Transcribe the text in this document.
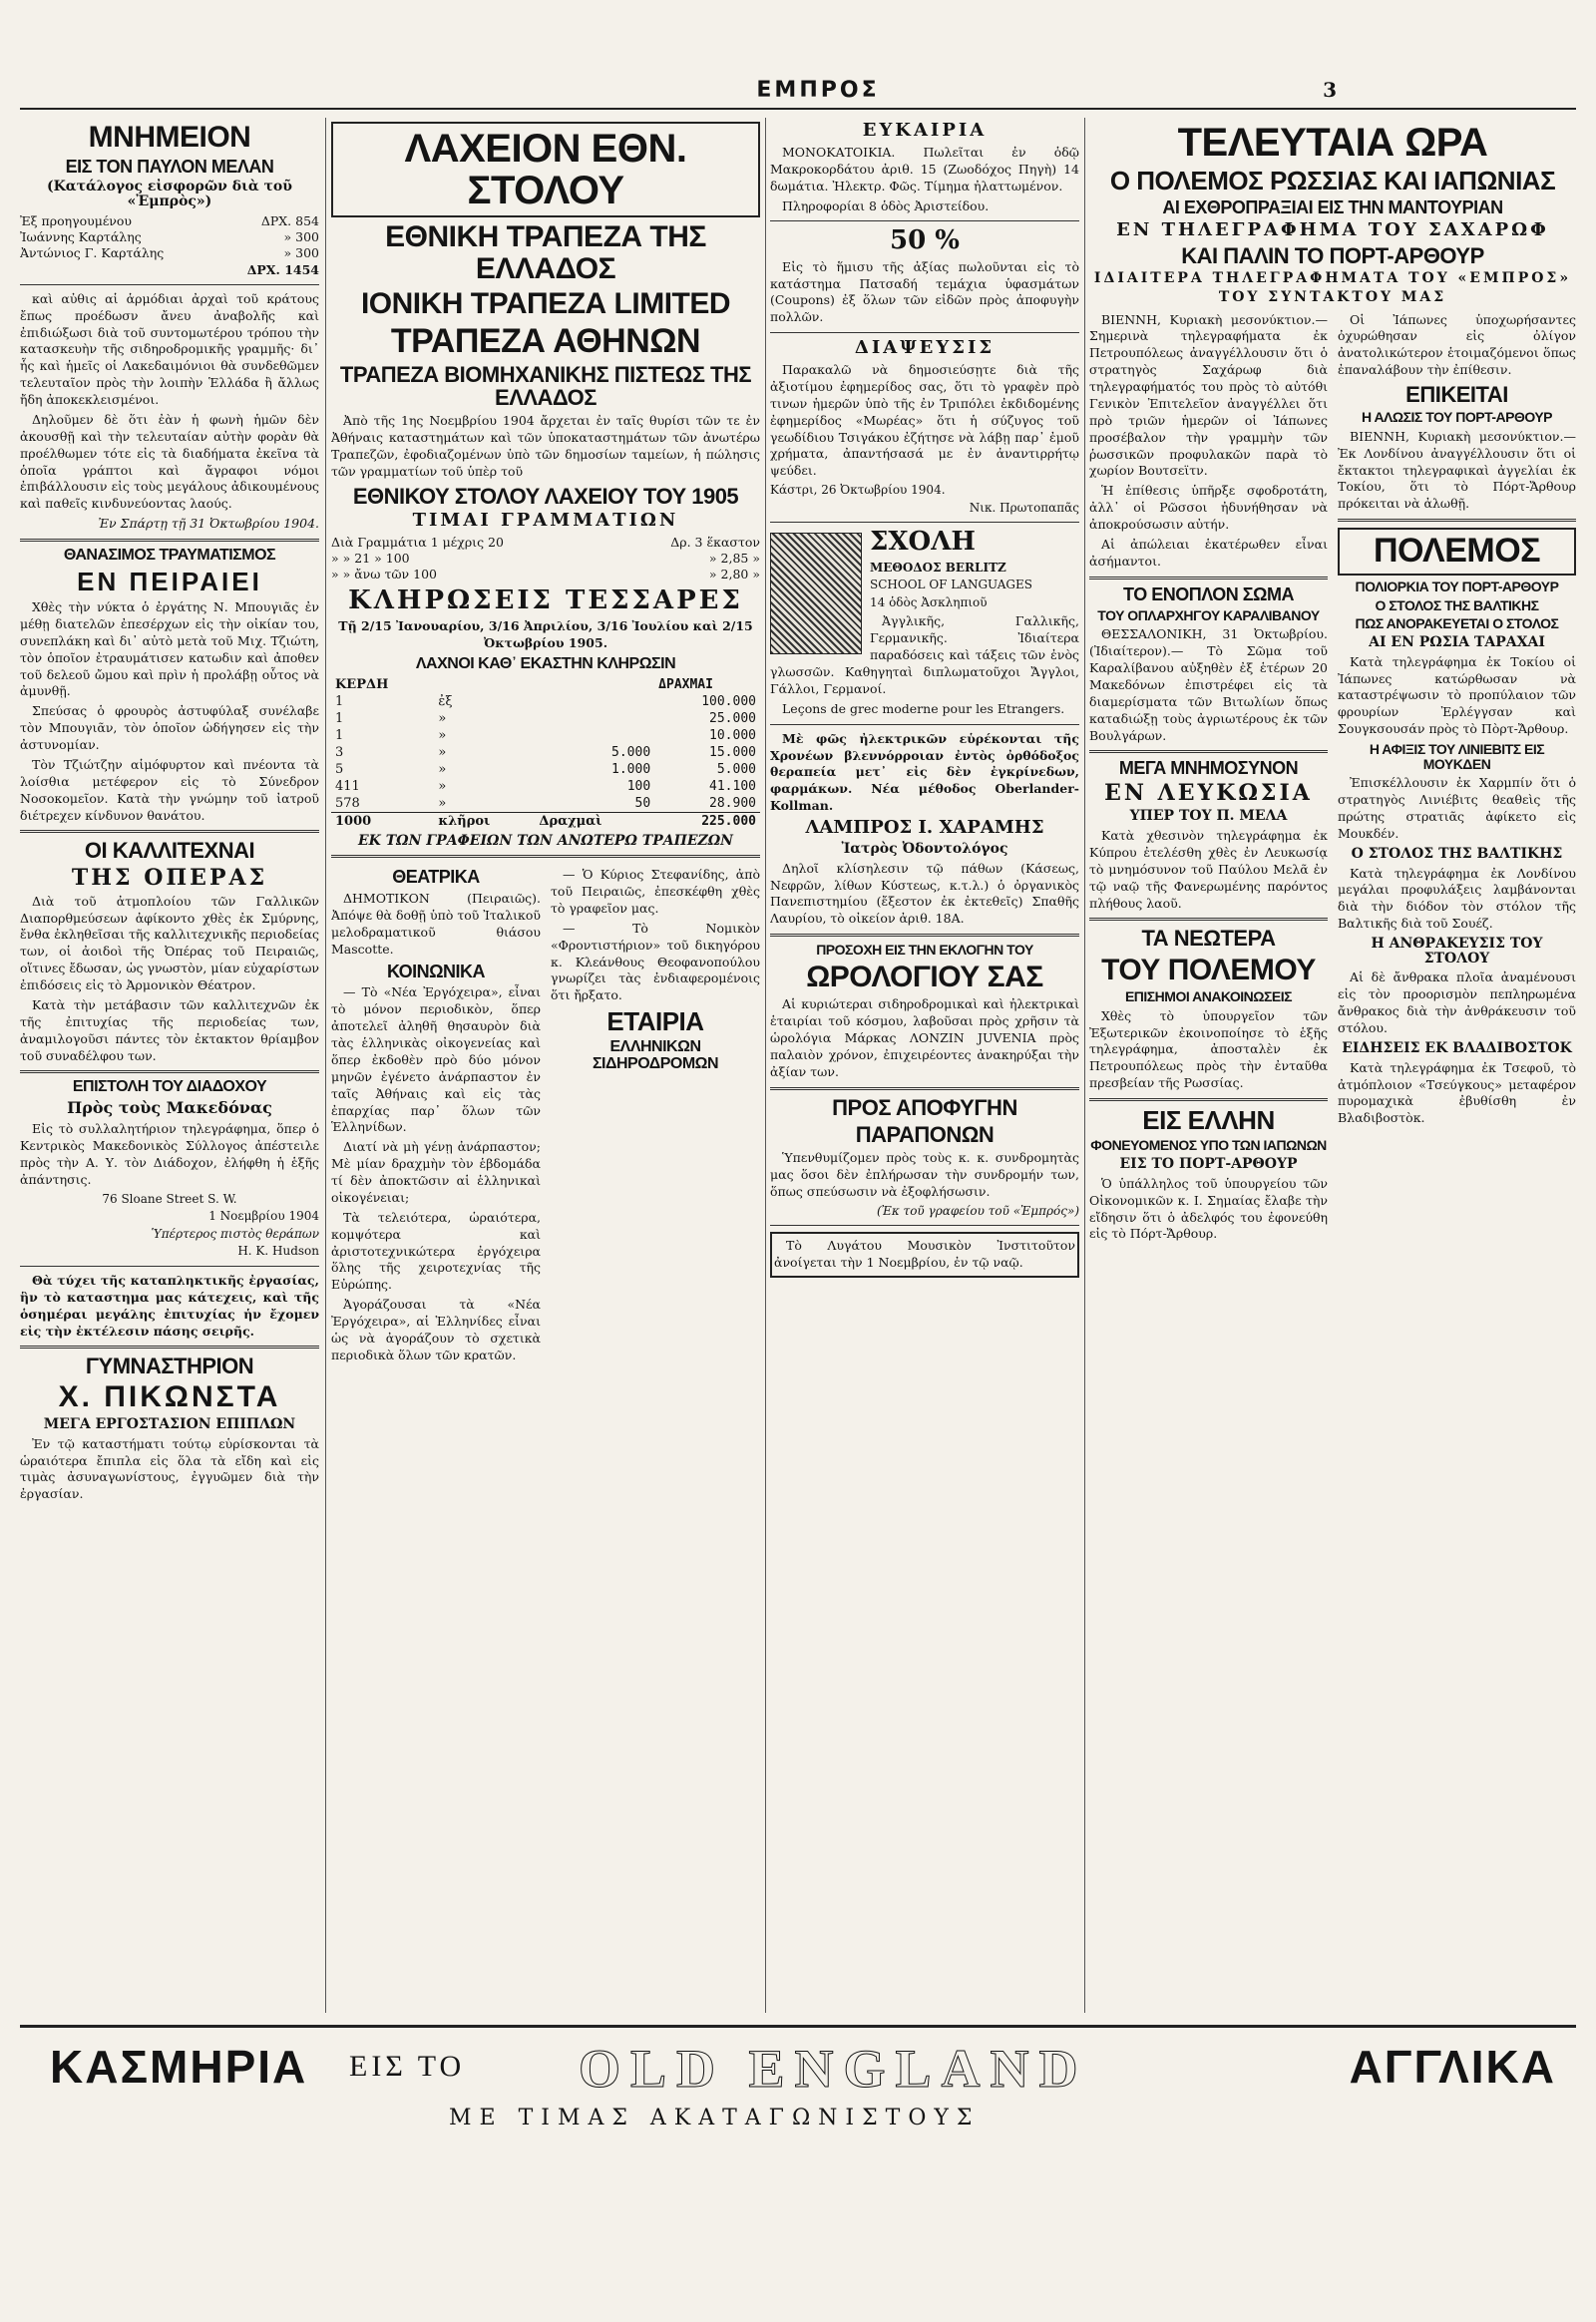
ΕΜΠΡΟΣ	3
ΜΝΗΜΕΙΟΝ
ΕΙΣ ΤΟΝ ΠΑΥΛΟΝ ΜΕΛΑΝ
(Κατάλογος εἰσφορῶν διὰ τοῦ «Ἐμπρὸς»)
Ἐξ προηγουμένου	ΔΡΧ. 854
Ἰωάννης Καρτάλης	» 300
Ἀντώνιος Γ. Καρτάλης	» 300
ΔΡΧ. 1454

καὶ αὐθις αἱ ἁρμόδιαι ἀρχαὶ τοῦ κράτους ἔπως προέδωσν ἄνευ ἀναβολῆς καὶ ἐπιδιώξωσι διὰ τοῦ συντομωτέρου τρόπου τὴν κατασκευὴν τῆς σιδηροδρομικῆς γραμμῆς· δι᾽ ἧς καὶ ἡμεῖς οἱ Λακεδαιμόνιοι θὰ συνδεθῶμεν τελευταῖον πρὸς τὴν λοιπὴν Ἑλλάδα ἢ ἄλλως ἤδη ἀποκεκλεισμένοι.

Δηλοῦμεν δὲ ὅτι ἐὰν ἡ φωνὴ ἡμῶν δὲν ἀκουσθῇ καὶ τὴν τελευταίαν αὐτὴν φορὰν θὰ προέλθωμεν τότε εἰς τὰ διαδήματα ἐκεῖνα τὰ ὁποῖα γράπτοι καὶ ἄγραφοι νόμοι ἐπιβάλλουσιν εἰς τοὺς μεγάλους ἀδικουμένους καὶ παθεῖς κινδυνεύοντας λαούς.

Ἐν Σπάρτῃ τῇ 31 Ὀκτωβρίου 1904.

ΘΑΝΑΣΙΜΟΣ ΤΡΑΥΜΑΤΙΣΜΟΣ
ΕΝ ΠΕΙΡΑΙΕΙ

Χθὲς τὴν νύκτα ὁ ἐργάτης Ν. Μπουγιᾶς ἐν μέθῃ διατελῶν ἐπεσέρχων εἰς τὴν οἰκίαν του, συνεπλάκη καὶ δι᾽ αὐτὸ μετὰ τοῦ Μιχ. Τζιώτη, τὸν ὁποῖον ἐτραυμάτισεν κατωδιν καὶ ἀποθεν τοῦ δελεοῦ ὤμου καὶ πρὶν ἡ προλάβῃ οὗτος νὰ ἀμυνθῇ.

Σπεύσας ὁ φρουρὸς ἀστυφύλαξ συνέλαβε τὸν Μπουγιᾶν, τὸν ὁποῖον ὡδήγησεν εἰς τὴν ἀστυνομίαν.

Τὸν Τζιώτζην αἱμόφυρτον καὶ πνέοντα τὰ λοίσθια μετέφερον εἰς τὸ Σύνεδρον Νοσοκομεῖον. Κατὰ τὴν γνώμην τοῦ ἰατροῦ διέτρεχεν κίνδυνον θανάτου.

ΟΙ ΚΑΛΛΙΤΕΧΝΑΙ
ΤΗΣ ΟΠΕΡΑΣ

Διὰ τοῦ ἀτμοπλοίου τῶν Γαλλικῶν Διαπορθμεύσεων ἀφίκοντο χθὲς ἐκ Σμύρνης, ἔνθα ἐκληθεῖσαι τῆς καλλιτεχνικῆς περιοδείας των, οἱ ἀοιδοὶ τῆς Ὀπέρας τοῦ Πειραιῶς, οἵτινες ἔδωσαν, ὡς γνωστὸν, μίαν εὐχαρίστων ἐπιδόσεις εἰς τὸ Ἀρμονικὸν Θέατρον.

Κατὰ τὴν μετάβασιν τῶν καλλιτεχνῶν ἐκ τῆς ἐπιτυχίας τῆς περιοδείας των, ἀναμιλογοῦσι πάντες τὸν ἐκτακτον θρίαμβον τοῦ συναδέλφου των.

ΕΠΙΣΤΟΛΗ ΤΟΥ ΔΙΑΔΟΧΟΥ
Πρὸς τοὺς Μακεδόνας

Εἰς τὸ συλλαλητήριον τηλεγράφημα, ὅπερ ὁ Κεντρικὸς Μακεδονικὸς Σύλλογος ἀπέστειλε πρὸς τὴν Α. Υ. τὸν Διάδοχον, ἐλήφθη ἡ ἑξῆς ἀπάντησις.

76 Sloane Street S. W.

1 Νοεμβρίου 1904

Ὑπέρτερος πιστὸς θεράπων

Η. Κ. Hudson

Θὰ τύχει τῆς καταπληκτικῆς ἐργασίας, ἣν τὸ καταστημα μας κάτεχεις, καὶ τῆς ὁσημέραι μεγάλης ἐπιτυχίας ἡν ἔχομεν εἰς τὴν ἐκτέλεσιν πάσης σειρῆς.

ΓΥΜΝΑΣΤΗΡΙΟΝ
Χ. ΠΙΚΩΝΣΤΑ
ΜΕΓΑ ΕΡΓΟΣΤΑΣΙΟΝ ΕΠΙΠΛΩΝ

Ἐν τῷ καταστήματι τούτῳ εὑρίσκονται τὰ ὡραιότερα ἔπιπλα εἰς ὅλα τὰ εἴδη καὶ εἰς τιμὰς ἀσυναγωνίστους, ἐγγυῶμεν διὰ τὴν ἐργασίαν.

ΛΑΧΕΙΟΝ ΕΘΝ. ΣΤΟΛΟΥ
ΕΘΝΙΚΗ ΤΡΑΠΕΖΑ ΤΗΣ ΕΛΛΑΔΟΣ
ΙΟΝΙΚΗ ΤΡΑΠΕΖΑ LIMITED
ΤΡΑΠΕΖΑ ΑΘΗΝΩΝ
ΤΡΑΠΕΖΑ ΒΙΟΜΗΧΑΝΙΚΗΣ ΠΙΣΤΕΩΣ ΤΗΣ ΕΛΛΑΔΟΣ

Ἀπὸ τῆς 1ης Νοεμβρίου 1904 ἄρχεται ἐν ταῖς θυρίσι τῶν τε ἐν Ἀθήναις καταστημάτων καὶ τῶν ὑποκαταστημάτων τῶν ἀνωτέρω Τραπεζῶν, ἐφοδιαζομένων ὑπὸ τῶν δημοσίων ταμείων, ἡ πώλησις τῶν γραμματίων τοῦ ὑπὲρ τοῦ

ΕΘΝΙΚΟΥ ΣΤΟΛΟΥ ΛΑΧΕΙΟΥ ΤΟΥ 1905
ΤΙΜΑΙ ΓΡΑΜΜΑΤΙΩΝ
Διὰ Γραμμάτια 1 μέχρις 20	Δρ. 3 ἕκαστον
» » 21 » 100	» 2,85 »
» » ἄνω τῶν 100	» 2,80 »
ΚΛΗΡΩΣΕΙΣ ΤΕΣΣΑΡΕΣ

Τῇ 2/15 Ἰανουαρίου, 3/16 Ἀπριλίου, 3/16 Ἰουλίου καὶ 2/15 Ὀκτωβρίου 1905.

ΛΑΧΝΟΙ ΚΑΘ᾽ ΕΚΑΣΤΗΝ ΚΛΗΡΩΣΙΝ
ΚΕΡΔΗ			ΔΡΑΧΜΑΙ
1	ἐξ		100.000
1	»		25.000
1	»		10.000
3	»	5.000	15.000
5	»	1.000	5.000
411	»	100	41.100
578	»	50	28.900
1000	κλῆροι	Δραχμαὶ	225.000
ΕΚ ΤΩΝ ΓΡΑΦΕΙΩΝ ΤΩΝ ΑΝΩΤΕΡΩ ΤΡΑΠΕΖΩΝ
ΘΕΑΤΡΙΚΑ

ΔΗΜΟΤΙΚΟΝ (Πειραιῶς). Ἀπόψε θὰ δοθῇ ὑπὸ τοῦ Ἰταλικοῦ μελοδραματικοῦ θιάσου Mascotte.

ΚΟΙΝΩΝΙΚΑ

— Τὸ «Νέα Ἐργόχειρα», εἶναι τὸ μόνον περιοδικὸν, ὅπερ ἀποτελεῖ ἀληθῆ θησαυρὸν διὰ τὰς ἑλληνικὰς οἰκογενείας καὶ ὅπερ ἐκδοθὲν πρὸ δύο μόνον μηνῶν ἐγένετο ἀνάρπαστον ἐν ταῖς Ἀθήναις καὶ εἰς τὰς ἐπαρχίας παρ᾽ ὅλων τῶν Ἑλληνίδων.

Διατί νὰ μὴ γένῃ ἀνάρπαστον; Μὲ μίαν δραχμὴν τὸν ἑβδομάδα τί δὲν ἀποκτῶσιν αἱ ἑλληνικαὶ οἰκογένειαι;

Τὰ τελειότερα, ὡραιότερα, κομψότερα καὶ ἀριστοτεχνικώτερα ἐργόχειρα ὅλης τῆς χειροτεχνίας τῆς Εὐρώπης.

Ἀγοράζουσαι τὰ «Νέα Ἐργόχειρα», αἱ Ἑλληνίδες εἶναι ὡς νὰ ἀγοράζουν τὸ σχετικὰ περιοδικὰ ὅλων τῶν κρατῶν.

— Ὁ Κύριος Στεφανίδης, ἀπὸ τοῦ Πειραιῶς, ἐπεσκέφθη χθὲς τὸ γραφεῖον μας.

— Τὸ Νομικὸν «Φροντιστήριον» τοῦ δικηγόρου κ. Κλεάνθους Θεοφανοπούλου γνωρίζει τὰς ἐνδιαφερομένοις ὅτι ἤρξατο.

ΕΤΑΙΡΙΑ
ΕΛΛΗΝΙΚΩΝ ΣΙΔΗΡΟΔΡΟΜΩΝ
ΕΥΚΑΙΡΙΑ

ΜΟΝΟΚΑΤΟΙΚΙΑ. Πωλεῖται ἐν ὁδῷ Μακροκορδάτου ἀριθ. 15 (Ζωοδόχος Πηγὴ) 14 δωμάτια. Ἠλεκτρ. Φῶς. Τίμημα ἠλαττωμένον.

Πληροφορίαι 8 ὁδὸς Ἀριστείδου.

50 %

Εἰς τὸ ἥμισυ τῆς ἀξίας πωλοῦνται εἰς τὸ κατάστημα Πατσαδή τεμάχια ὑφασμάτων (Coupons) ἐξ ὅλων τῶν εἰδῶν πρὸς ἀποφυγὴν πολλῶν.

ΔΙΑΨΕΥΣΙΣ

Παρακαλῶ νὰ δημοσιεύσῃτε διὰ τῆς ἀξιοτίμου ἐφημερίδος σας, ὅτι τὸ γραφὲν πρὸ τινων ἡμερῶν ὑπὸ τῆς ἐν Τριπόλει ἐκδιδομένης ἐφημερίδος «Μωρέας» ὅτι ἡ σύζυγος τοῦ γεωδίδιου Τσιγάκου ἐζήτησε νὰ λάβῃ παρ᾽ ἐμοῦ χρήματα, ἀπαντήσασά με ἐν ἀναντιρρήτῳ ψεύδει.

Κάστρι, 26 Ὀκτωβρίου 1904.

Νικ. Πρωτοπαπᾶς

ΣΧΟΛΗ
ΜΕΘΟΔΟΣ BERLITZ
SCHOOL OF LANGUAGES
14 ὁδὸς Ἀσκληπιοῦ

Ἀγγλικῆς, Γαλλικῆς, Γερμανικῆς. Ἰδιαίτερα παραδόσεις καὶ τάξεις τῶν ἐνὸς γλωσσῶν. Καθηγηταὶ διπλωματοῦχοι Ἄγγλοι, Γάλλοι, Γερμανοί.

Leçons de grec moderne pour les Etrangers.

Μὲ φῶς ἠλεκτρικῶν εὑρέκονται τῆς Χρονέων βλεννόρροιαν ἐντὸς ὀρθόδοξος θεραπεία μετ᾽ εἰς δὲν ἐγκρίνεδων, φαρμάκων. Νέα μέθοδος Oberlander-Kollman.

ΛΑΜΠΡΟΣ Ι. ΧΑΡΑΜΗΣ
Ἰατρὸς Ὀδοντολόγος

Δηλοῖ κλίσηλεσιν τῷ πάθων (Κάσεως, Νεφρῶν, λίθων Κύστεως, κ.τ.λ.) ὁ ὀργανικὸς Πανεπιστημίου (ἔξεστον ἐκ ἐκτεθεῖς) Σπαθῆς Λαυρίου, τὸ οἰκείον ἀριθ. 18Α.

ΠΡΟΣΟΧΗ ΕΙΣ ΤΗΝ ΕΚΛΟΓΗΝ ΤΟΥ
ΩΡΟΛΟΓΙΟΥ ΣΑΣ

Αἱ κυριώτεραι σιδηροδρομικαὶ καὶ ἠλεκτρικαὶ ἑταιρίαι τοῦ κόσμου, λαβοῦσαι πρὸς χρῆσιν τὰ ὡρολόγια Μάρκας ΛΟΝΖΙΝ JUVENIA πρὸς παλαιὸν χρόνον, ἐπιχειρέοντες ἀνακηρύξαι τὴν ἀξίαν των.

ΠΡΟΣ ΑΠΟΦΥΓΗΝ
ΠΑΡΑΠΟΝΩΝ

Ὑπενθυμίζομεν πρὸς τοὺς κ. κ. συνδρομητὰς μας ὅσοι δὲν ἐπλήρωσαν τὴν συνδρομήν των, ὅπως σπεύσωσιν νὰ ἐξοφλήσωσιν.

(Ἐκ τοῦ γραφείου τοῦ «Ἐμπρός»)

Τὸ Λυγάτου Μουσικὸν Ἰνστιτοῦτον ἀνοίγεται τὴν 1 Νοεμβρίου, ἐν τῷ ναῷ.

ΤΕΛΕΥΤΑΙΑ ΩΡΑ
Ο ΠΟΛΕΜΟΣ ΡΩΣΣΙΑΣ ΚΑΙ ΙΑΠΩΝΙΑΣ
ΑΙ ΕΧΘΡΟΠΡΑΞΙΑΙ ΕΙΣ ΤΗΝ ΜΑΝΤΟΥΡΙΑΝ
ΕΝ ΤΗΛΕΓΡΑΦΗΜΑ ΤΟΥ ΣΑΧΑΡΩΦ
ΚΑΙ ΠΑΛΙΝ ΤΟ ΠΟΡΤ-ΑΡΘΟΥΡ
ΙΔΙΑΙΤΕΡΑ ΤΗΛΕΓΡΑΦΗΜΑΤΑ ΤΟΥ «ΕΜΠΡΟΣ»
ΤΟΥ ΣΥΝΤΑΚΤΟΥ ΜΑΣ

ΒΙΕΝΝΗ, Κυριακὴ μεσονύκτιον.— Σημερινὰ τηλεγραφήματα ἐκ Πετρουπόλεως ἀναγγέλλουσιν ὅτι ὁ στρατηγὸς Σαχάρωφ διὰ τηλεγραφήματός του πρὸς τὸ αὐτόθι Γενικὸν Ἐπιτελεῖον ἀναγγέλλει ὅτι πρὸ τριῶν ἡμερῶν οἱ Ἰάπωνες προσέβαλον τὴν γραμμὴν τῶν ῥωσσικῶν προφυλακῶν παρὰ τὸ χωρίον Βουτσεϊτν.

Ἡ ἐπίθεσις ὑπῆρξε σφοδροτάτη, ἀλλ᾽ οἱ Ρῶσσοι ἠδυνήθησαν νὰ ἀποκρούσωσιν αὐτήν.

Αἱ ἀπώλειαι ἑκατέρωθεν εἶναι ἀσήμαντοι.

ΤΟ ΕΝΟΠΛΟΝ ΣΩΜΑ
ΤΟΥ ΟΠΛΑΡΧΗΓΟΥ ΚΑΡΑΛΙΒΑΝΟΥ

ΘΕΣΣΑΛΟΝΙΚΗ, 31 Ὀκτωβρίου. (Ἰδιαίτερον).— Τὸ Σῶμα τοῦ Καραλίβανου αὐξηθὲν ἐξ ἑτέρων 20 Μακεδόνων ἐπιστρέφει εἰς τὰ διαμερίσματα τῶν Βιτωλίων ὅπως καταδιώξῃ τοὺς ἀγριωτέρους ἐκ τῶν Βουλγάρων.

ΜΕΓΑ ΜΝΗΜΟΣΥΝΟΝ
ΕΝ ΛΕΥΚΩΣΙΑ
ΥΠΕΡ ΤΟΥ Π. ΜΕΛΑ

Κατὰ χθεσινὸν τηλεγράφημα ἐκ Κύπρου ἐτελέσθη χθὲς ἐν Λευκωσίᾳ τὸ μνημόσυνον τοῦ Παύλου Μελᾶ ἐν τῷ ναῷ τῆς Φανερωμένης παρόντος πλήθους λαοῦ.

ΤΑ ΝΕΩΤΕΡΑ
ΤΟΥ ΠΟΛΕΜΟΥ
ΕΠΙΣΗΜΟΙ ΑΝΑΚΟΙΝΩΣΕΙΣ

Χθὲς τὸ ὑπουργεῖον τῶν Ἐξωτερικῶν ἐκοινοποίησε τὸ ἑξῆς τηλεγράφημα, ἀποσταλὲν ἐκ Πετρουπόλεως πρὸς τὴν ἐνταῦθα πρεσβείαν τῆς Ρωσσίας.

ΕΙΣ ΕΛΛΗΝ
ΦΟΝΕΥΟΜΕΝΟΣ ΥΠΟ ΤΩΝ ΙΑΠΩΝΩΝ
ΕΙΣ ΤΟ ΠΟΡΤ-ΑΡΘΟΥΡ

Ὁ ὑπάλληλος τοῦ ὑπουργείου τῶν Οἰκονομικῶν κ. Ι. Σημαίας ἔλαβε τὴν εἴδησιν ὅτι ὁ ἀδελφός του ἐφονεύθη εἰς τὸ Πόρτ-Ἄρθουρ.

Οἱ Ἰάπωνες ὑποχωρήσαντες ὀχυρώθησαν εἰς ὀλίγον ἀνατολικώτερον ἑτοιμαζόμενοι ὅπως ἐπαναλάβουν τὴν ἐπίθεσιν.

ΕΠΙΚΕΙΤΑΙ
Η ΑΛΩΣΙΣ ΤΟΥ ΠΟΡΤ-ΑΡΘΟΥΡ

ΒΙΕΝΝΗ, Κυριακὴ μεσονύκτιον.— Ἐκ Λονδίνου ἀναγγέλλουσιν ὅτι οἱ ἔκτακτοι τηλεγραφικαὶ ἀγγελίαι ἐκ Τοκίου, ὅτι τὸ Πόρτ-Ἄρθουρ πρόκειται νὰ ἀλωθῇ.

ΠΟΛΕΜΟΣ
ΠΟΛΙΟΡΚΙΑ ΤΟΥ ΠΟΡΤ-ΑΡΘΟΥΡ
Ο ΣΤΟΛΟΣ ΤΗΣ ΒΑΛΤΙΚΗΣ
ΠΩΣ ΑΝΟΡΑΚΕΥΕΤΑΙ Ο ΣΤΟΛΟΣ
ΑΙ ΕΝ ΡΩΣΙΑ ΤΑΡΑΧΑΙ

Κατὰ τηλεγράφημα ἐκ Τοκίου οἱ Ἰάπωνες κατώρθωσαν νὰ καταστρέψωσιν τὸ προπύλαιον τῶν φρουρίων Ἐρλέγγσαν καὶ Σουγκσουσάν πρὸς τὸ Πὸρτ-Ἄρθουρ.

Η ΑΦΙΞΙΣ ΤΟΥ ΛΙΝΙΕΒΙΤΣ ΕΙΣ ΜΟΥΚΔΕΝ

Ἐπισκέλλουσιν ἐκ Χαρμπίν ὅτι ὁ στρατηγὸς Λινιέβιτς θεαθεὶς τῆς πρώτης στρατιᾶς ἀφίκετο εἰς Μουκδέν.

Ο ΣΤΟΛΟΣ ΤΗΣ ΒΑΛΤΙΚΗΣ

Κατὰ τηλεγράφημα ἐκ Λονδίνου μεγάλαι προφυλάξεις λαμβάνονται διὰ τὴν διόδον τὸν στόλον τῆς Βαλτικῆς διὰ τοῦ Σουέζ.

Η ΑΝΘΡΑΚΕΥΣΙΣ ΤΟΥ ΣΤΟΛΟΥ

Αἱ δὲ ἄνθρακα πλοῖα ἀναμένουσι εἰς τὸν προορισμὸν πεπληρωμένα ἄνθρακος διὰ τὴν ἀνθράκευσιν τοῦ στόλου.

ΕΙΔΗΣΕΙΣ ΕΚ ΒΛΑΔΙΒΟΣΤΟΚ

Κατὰ τηλεγράφημα ἐκ Τσεφοῦ, τὸ ἀτμόπλοιον «Τσεύγκους» μεταφέρον πυρομαχικὰ ἐβυθίσθη ἐν Βλαδιβοστὸκ.

ΚΑΣΜΗΡΙΑ ΕΙΣ ΤΟ OLD ENGLAND	ΑΓΓΛΙΚΑ
ΜΕ ΤΙΜΑΣ ΑΚΑΤΑΓΩΝΙΣΤΟΥΣ
